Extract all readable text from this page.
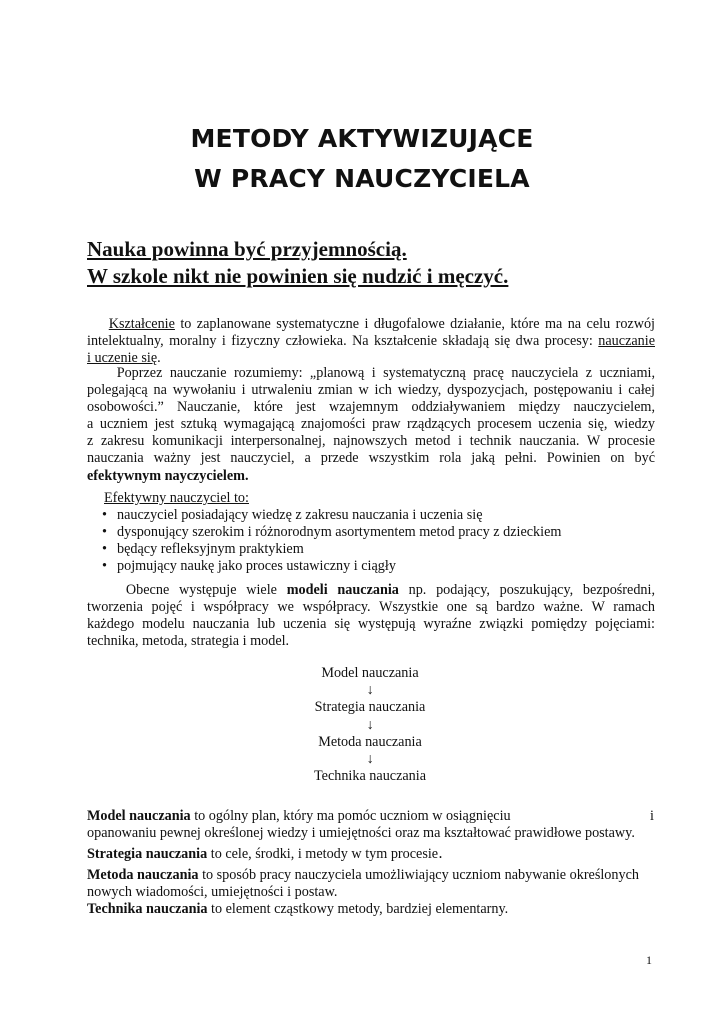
METODY AKTYWIZUJĄCE
W PRACY NAUCZYCIELA
Nauka powinna być przyjemnością.
W szkole nikt nie powinien się nudzić i męczyć.
Kształcenie to zaplanowane systematyczne i długofalowe działanie, które ma na celu rozwój
intelektualny, moralny i fizyczny człowieka. Na kształcenie składają się dwa procesy: nauczanie
i uczenie się.
Poprzez nauczanie rozumiemy: „planową i systematyczną pracę nauczyciela z uczniami,
polegającą na wywołaniu i utrwaleniu zmian w ich wiedzy, dyspozycjach, postępowaniu i całej
osobowości.” Nauczanie, które jest wzajemnym oddziaływaniem między nauczycielem,
a uczniem jest sztuką wymagającą znajomości praw rządzących procesem uczenia się, wiedzy
z zakresu komunikacji interpersonalnej, najnowszych metod i technik nauczania. W procesie
nauczania ważny jest nauczyciel, a przede wszystkim rola jaką pełni. Powinien on być
efektywnym nayczycielem.
Efektywny nauczyciel to:
• nauczyciel posiadający wiedzę z zakresu nauczania i uczenia się
• dysponujący szerokim i różnorodnym asortymentem metod pracy z dzieckiem
• będący refleksyjnym praktykiem
• pojmujący naukę jako proces ustawiczny i ciągły
Obecne występuje wiele modeli nauczania np. podający, poszukujący, bezpośredni,
tworzenia pojęć i współpracy we współpracy. Wszystkie one są bardzo ważne. W ramach
każdego modelu nauczania lub uczenia się występują wyraźne związki pomiędzy pojęciami:
technika, metoda, strategia i model.
Model nauczania
↓
Strategia nauczania
↓
Metoda nauczania
↓
Technika nauczania
Model nauczania to ogólny plan, który ma pomóc uczniom w osiągnięciu	i
opanowaniu pewnej określonej wiedzy i umiejętności oraz ma kształtować prawidłowe postawy.
Strategia nauczania to cele, środki, i metody w tym procesie.
Metoda nauczania to sposób pracy nauczyciela umożliwiający uczniom nabywanie określonych
nowych wiadomości, umiejętności i postaw.
Technika nauczania to element cząstkowy metody, bardziej elementarny.
1
